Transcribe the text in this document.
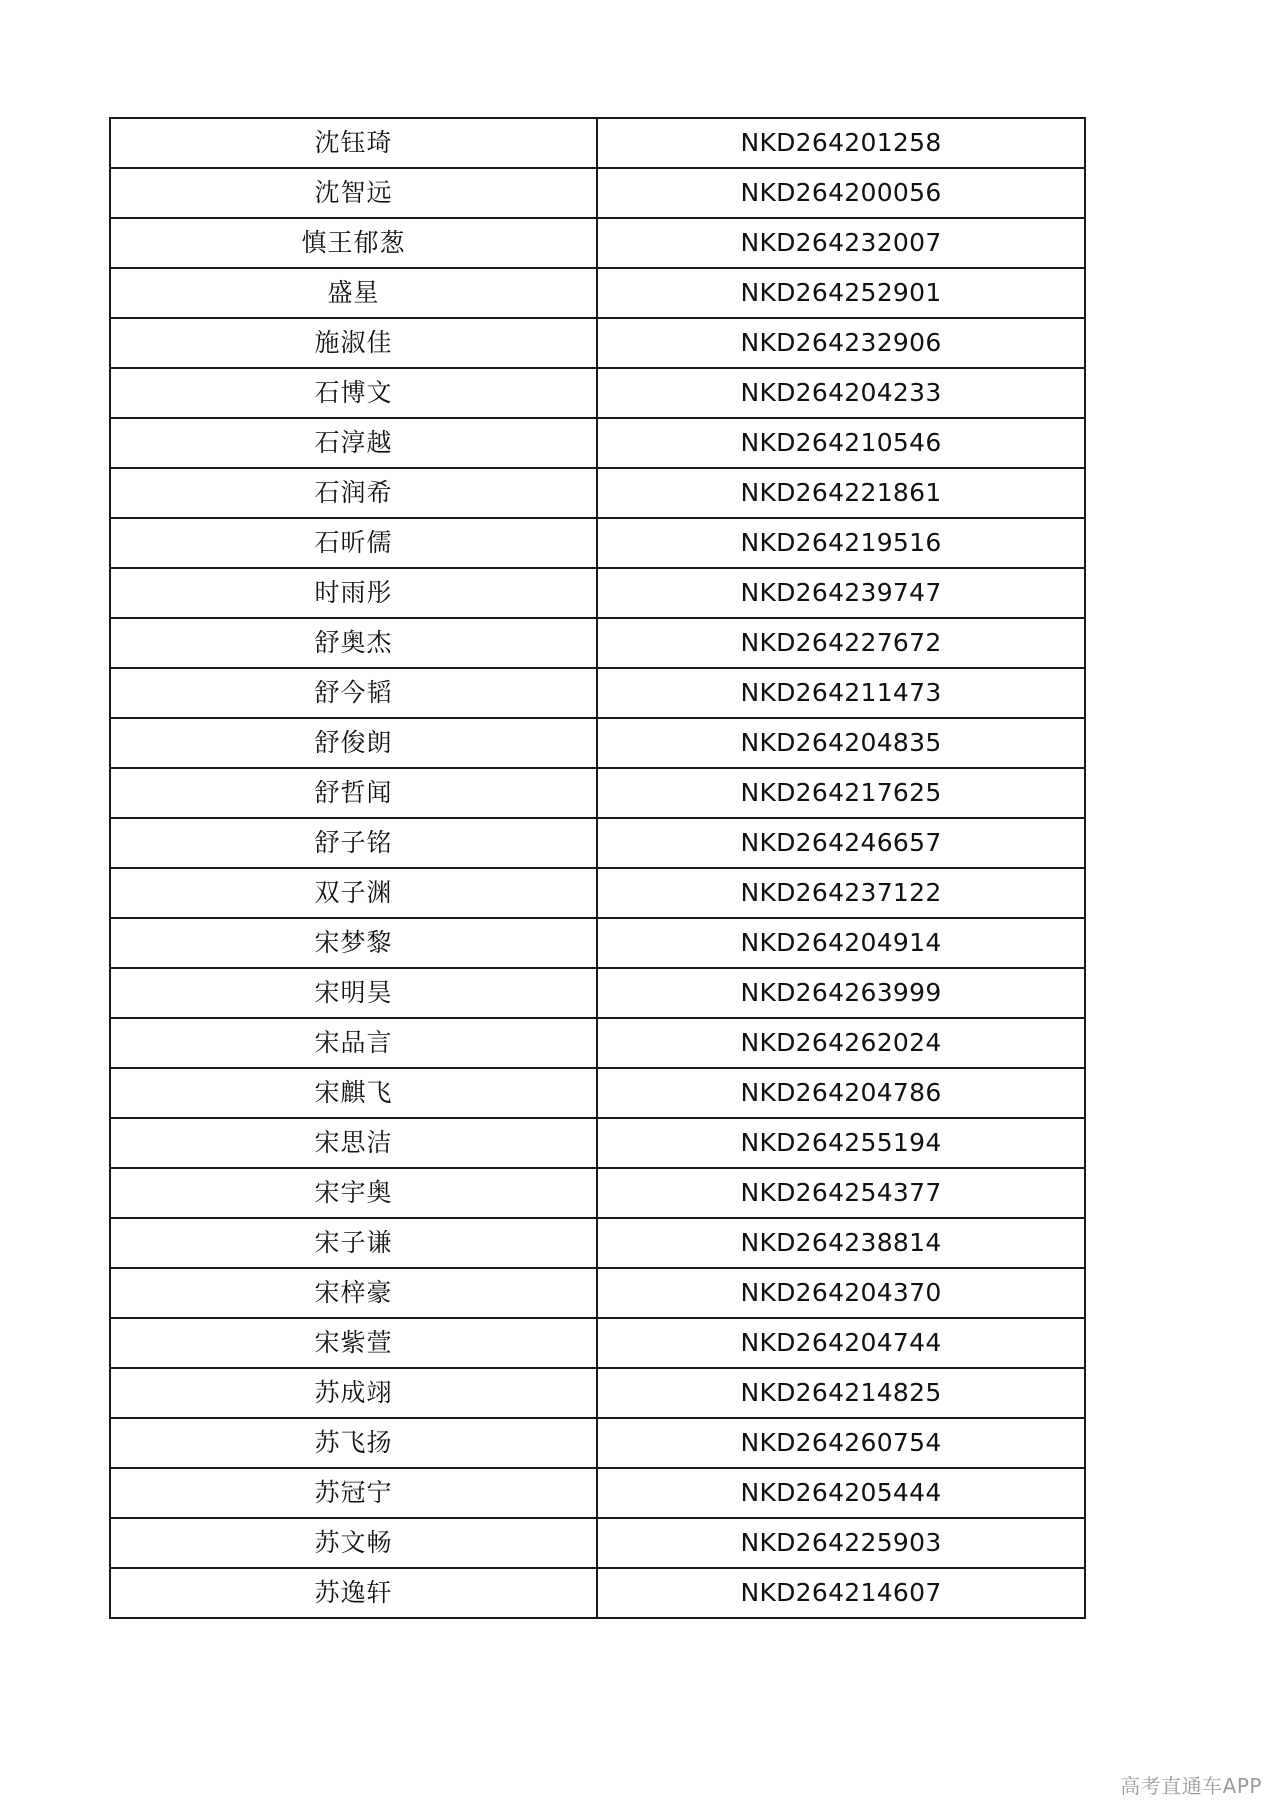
沈钰琦	NKD264201258
沈智远	NKD264200056
慎王郁葱	NKD264232007
盛星	NKD264252901
施淑佳	NKD264232906
石博文	NKD264204233
石淳越	NKD264210546
石润希	NKD264221861
石昕儒	NKD264219516
时雨彤	NKD264239747
舒奥杰	NKD264227672
舒今韬	NKD264211473
舒俊朗	NKD264204835
舒哲闻	NKD264217625
舒子铭	NKD264246657
双子渊	NKD264237122
宋梦黎	NKD264204914
宋明昊	NKD264263999
宋品言	NKD264262024
宋麒飞	NKD264204786
宋思洁	NKD264255194
宋宇奥	NKD264254377
宋子谦	NKD264238814
宋梓豪	NKD264204370
宋紫萱	NKD264204744
苏成翊	NKD264214825
苏飞扬	NKD264260754
苏冠宁	NKD264205444
苏文畅	NKD264225903
苏逸轩	NKD264214607
高考直通车APP
